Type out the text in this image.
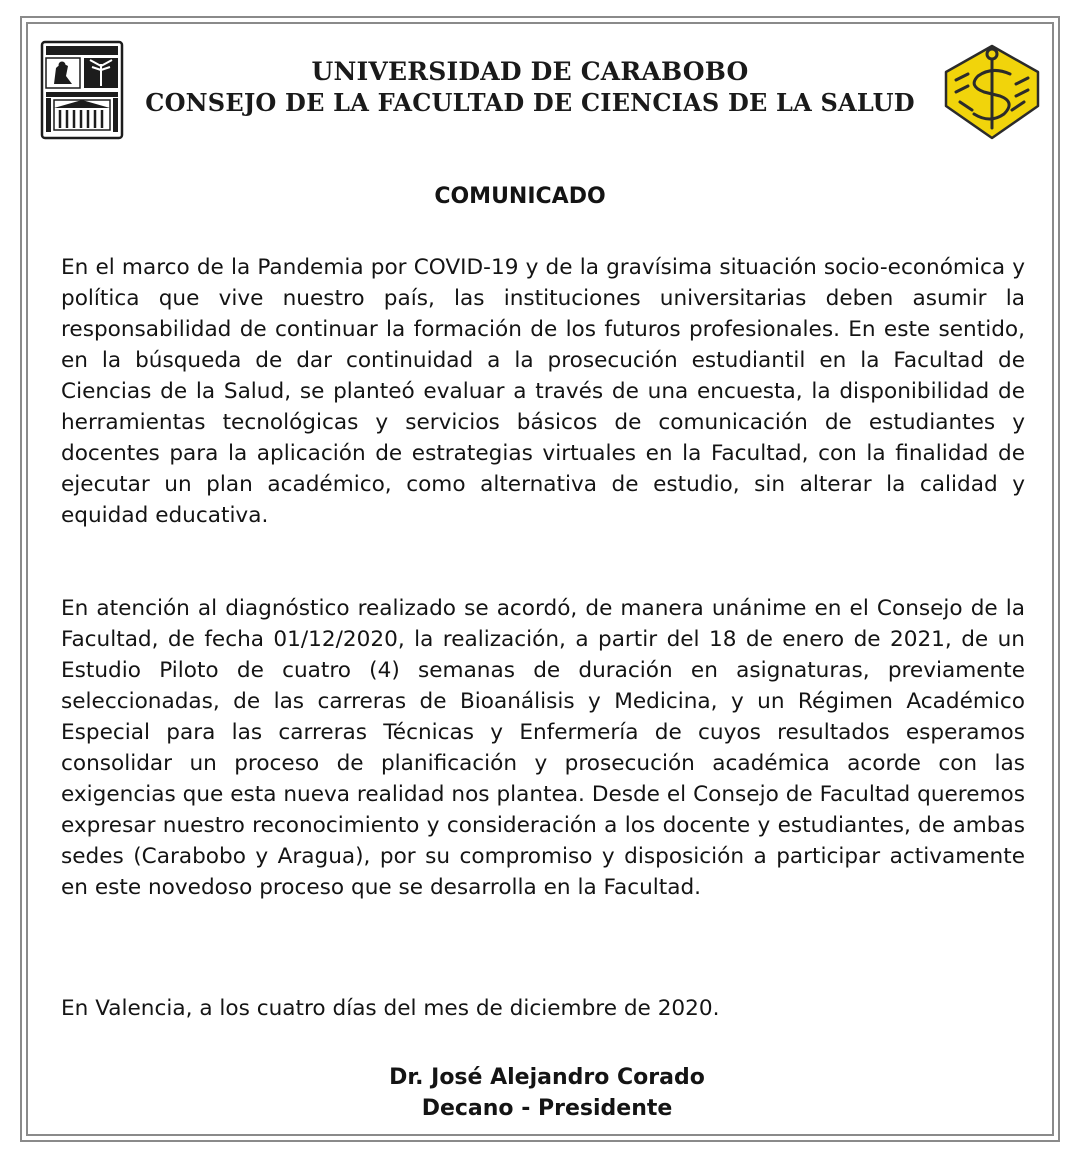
UNIVERSIDAD DE CARABOBO
CONSEJO DE LA FACULTAD DE CIENCIAS DE LA SALUD
COMUNICADO
En el marco de la Pandemia por COVID-19 y de la gravísima situación socio-económica y política que vive nuestro país, las instituciones universitarias deben asumir la responsabilidad de continuar la formación de los futuros profesionales. En este sentido, en la búsqueda de dar continuidad a la prosecución estudiantil en la Facultad de Ciencias de la Salud, se planteó evaluar a través de una encuesta, la disponibilidad de herramientas tecnológicas y servicios básicos de comunicación de estudiantes y docentes para la aplicación de estrategias virtuales en la Facultad, con la finalidad de ejecutar un plan académico, como alternativa de estudio, sin alterar la calidad y equidad educativa.
En atención al diagnóstico realizado se acordó, de manera unánime en el Consejo de la Facultad, de fecha 01/12/2020, la realización, a partir del 18 de enero de 2021, de un Estudio Piloto de cuatro (4) semanas de duración en asignaturas, previamente seleccionadas, de las carreras de Bioanálisis y Medicina, y un Régimen Académico Especial para las carreras Técnicas y Enfermería de cuyos resultados esperamos consolidar un proceso de planificación y prosecución académica acorde con las exigencias que esta nueva realidad nos plantea. Desde el Consejo de Facultad queremos expresar nuestro reconocimiento y consideración a los docente y estudiantes, de ambas sedes (Carabobo y Aragua), por su compromiso y disposición a participar activamente en este novedoso proceso que se desarrolla en la Facultad.
En Valencia, a los cuatro días del mes de diciembre de 2020.
Dr. José Alejandro Corado
Decano - Presidente
